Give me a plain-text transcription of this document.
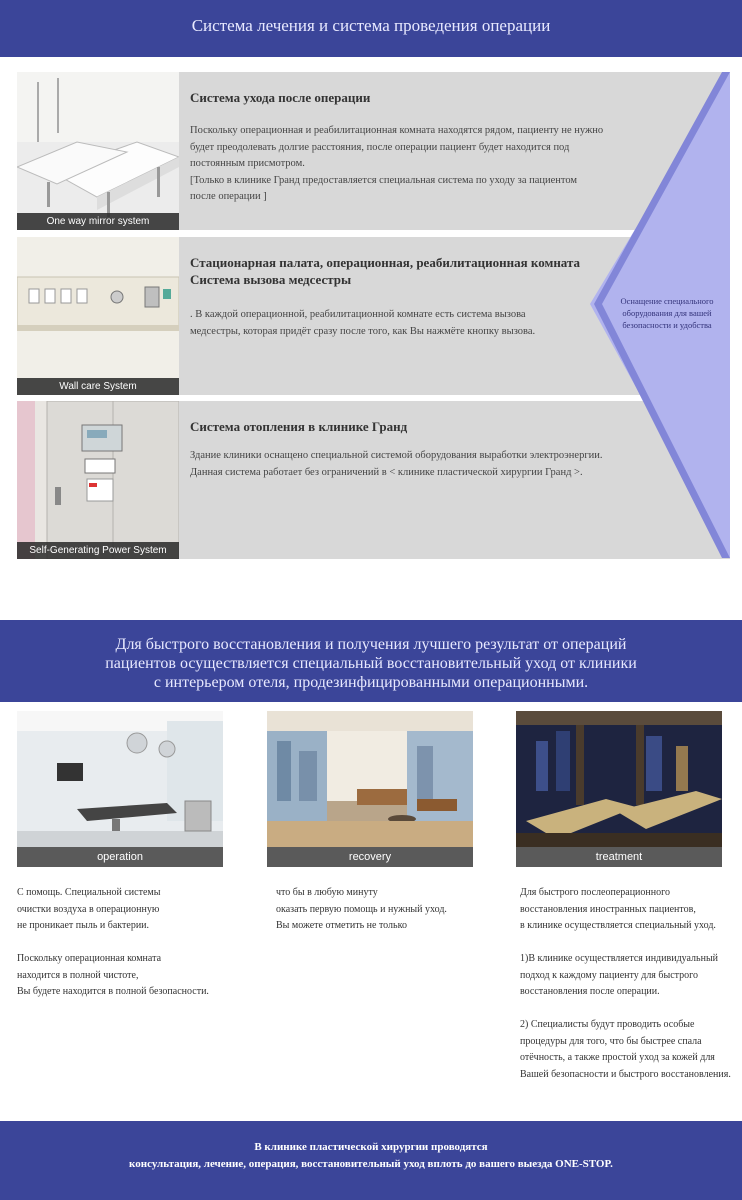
Система лечения и система проведения операции
One way mirror system
Система ухода после операции
Поскольку операционная и реабилитационная комната находятся рядом, пациенту не нужно
будет преодолевать долгие расстояния, после операции пациент будет находится под
постоянным присмотром.
[Только в клинике Гранд предоставляется специальная система по уходу за пациентом
после операции ]
Wall care System
Стационарная палата, операционная, реабилитационная комната
Система вызова медсестры
. В каждой операционной, реабилитационной комнате есть система вызова
медсестры, которая придёт сразу после того, как Вы нажмёте кнопку вызова.
Self-Generating Power System
Система отопления в клинике Гранд
Здание клиники оснащено специальной системой оборудования выработки электроэнергии.
Данная система работает без ограничений в < клинике пластической хирургии Гранд >.
Оснащение специального
оборудования для вашей
безопасности и удобства
Для быстрого восстановления и получения лучшего результат от операций
пациентов осуществляется специальный восстановительный уход от клиники
с интерьером отеля, продезинфицированными операционными.
operation	recovery	treatment
С помощь. Специальной системы
очистки воздуха в операционную
не проникает пыль и бактерии.

Поскольку операционная комната
находится в полной чистоте,
Вы будете находится в полной безопасности.
что бы в любую минуту
оказать первую помощь и нужный уход.
Вы можете отметить не только
Для быстрого послеоперационного
восстановления иностранных пациентов,
в клинике осуществляется специальный уход.

1)В клинике осуществляется индивидуальный
подход к каждому пациенту для быстрого
восстановления после операции.

2) Специалисты будут проводить особые
процедуры для того, что бы быстрее спала
отёчность, а также простой уход за кожей для
Вашей безопасности и быстрого восстановления.
В клинике пластической хирургии проводятся
консультация, лечение, операция, восстановительный уход вплоть до вашего выезда ONE-STOP.
